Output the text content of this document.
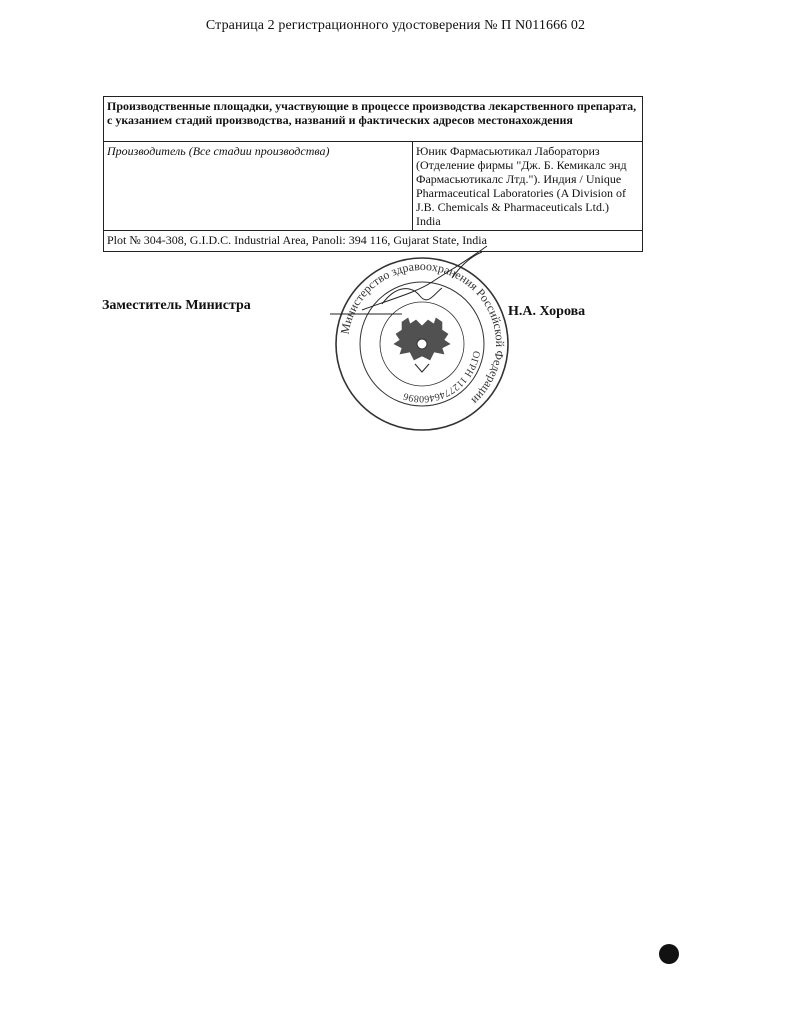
Страница 2 регистрационного удостоверения № П N011666 02
Производственные площадки, участвующие в процессе производства лекарственного препарата, с указанием стадий производства, названий и фактических адресов местонахождения
Производитель (Все стадии производства)	Юник Фармасьютикал Лабораториз
(Отделение фирмы "Дж. Б. Кемикалс энд
Фармасьютикалс Лтд."). Индия / Unique
Pharmaceutical Laboratories (A Division of
J.B. Chemicals & Pharmaceuticals Ltd.)
India

Plot № 304-308, G.I.D.C. Industrial Area, Panoli: 394 116, Gujarat State, India
Заместитель Министра
Министерство здравоохранения Российской Федерации
ОГРН 1127746460896
Н.А. Хорова
